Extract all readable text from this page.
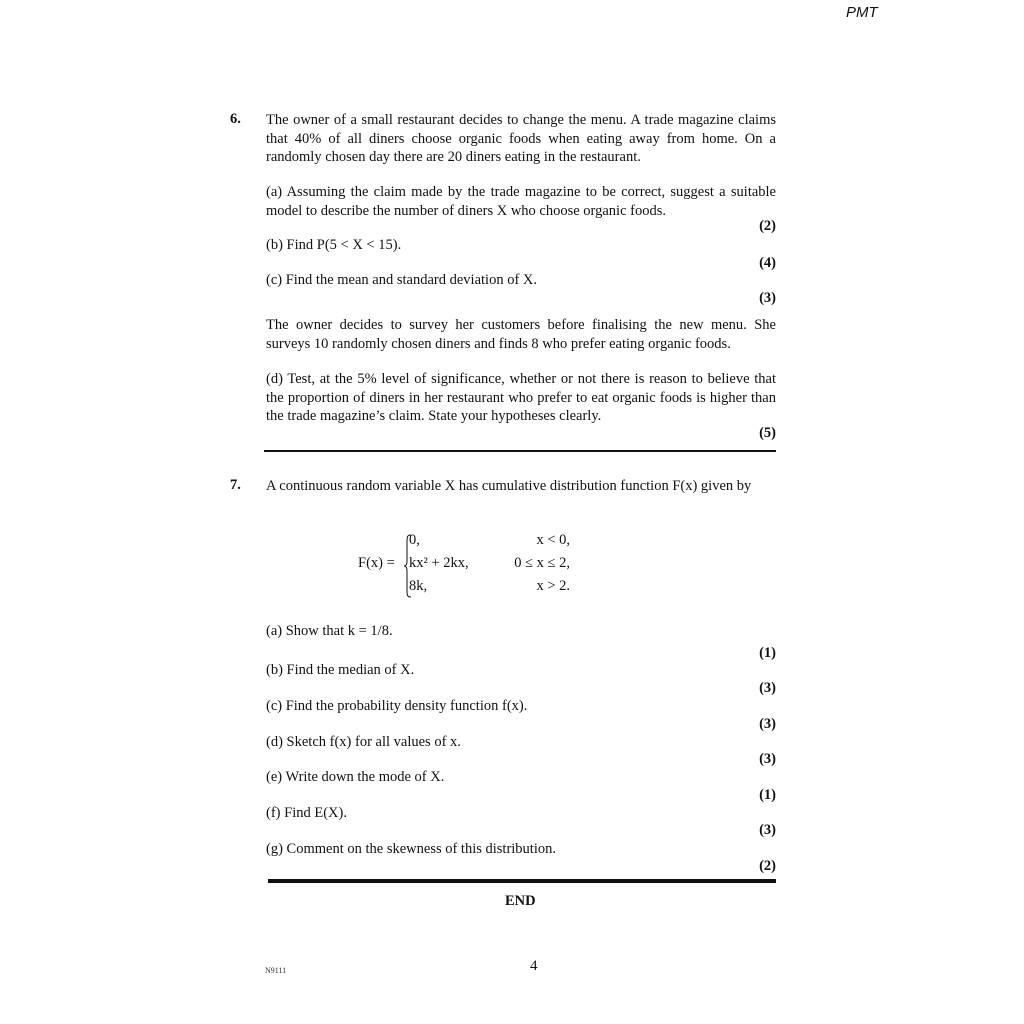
PMT
6. The owner of a small restaurant decides to change the menu. A trade magazine claims that 40% of all diners choose organic foods when eating away from home. On a randomly chosen day there are 20 diners eating in the restaurant.
(a) Assuming the claim made by the trade magazine to be correct, suggest a suitable model to describe the number of diners X who choose organic foods.
(2)
(b) Find P(5 < X < 15).
(4)
(c) Find the mean and standard deviation of X.
(3)
The owner decides to survey her customers before finalising the new menu. She surveys 10 randomly chosen diners and finds 8 who prefer eating organic foods.
(d) Test, at the 5% level of significance, whether or not there is reason to believe that the proportion of diners in her restaurant who prefer to eat organic foods is higher than the trade magazine’s claim. State your hypotheses clearly.
(5)
7. A continuous random variable X has cumulative distribution function F(x) given by
F(x) =
0,	x < 0,
kx² + 2kx,	0 ≤ x ≤ 2,
8k,	x > 2.
(a) Show that k = 1/8.
(1)
(b) Find the median of X.
(3)
(c) Find the probability density function f(x).
(3)
(d) Sketch f(x) for all values of x.
(3)
(e) Write down the mode of X.
(1)
(f) Find E(X).
(3)
(g) Comment on the skewness of this distribution.
(2)
END
N9111	4
